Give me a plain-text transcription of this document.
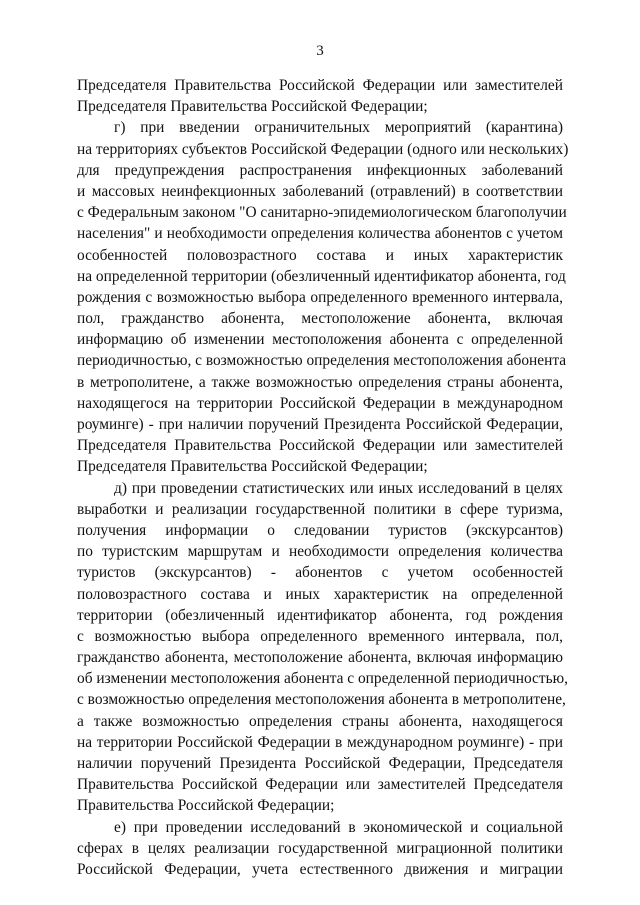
3
Председателя Правительства Российской Федерации или заместителей
Председателя Правительства Российской Федерации;
г) при введении ограничительных мероприятий (карантина)
на территориях субъектов Российской Федерации (одного или нескольких)
для предупреждения распространения инфекционных заболеваний
и массовых неинфекционных заболеваний (отравлений) в соответствии
с Федеральным законом "О санитарно-эпидемиологическом благополучии
населения" и необходимости определения количества абонентов с учетом
особенностей половозрастного состава и иных характеристик
на определенной территории (обезличенный идентификатор абонента, год
рождения с возможностью выбора определенного временного интервала,
пол, гражданство абонента, местоположение абонента, включая
информацию об изменении местоположения абонента с определенной
периодичностью, с возможностью определения местоположения абонента
в метрополитене, а также возможностью определения страны абонента,
находящегося на территории Российской Федерации в международном
роуминге) - при наличии поручений Президента Российской Федерации,
Председателя Правительства Российской Федерации или заместителей
Председателя Правительства Российской Федерации;
д) при проведении статистических или иных исследований в целях
выработки и реализации государственной политики в сфере туризма,
получения информации о следовании туристов (экскурсантов)
по туристским маршрутам и необходимости определения количества
туристов (экскурсантов) - абонентов с учетом особенностей
половозрастного состава и иных характеристик на определенной
территории (обезличенный идентификатор абонента, год рождения
с возможностью выбора определенного временного интервала, пол,
гражданство абонента, местоположение абонента, включая информацию
об изменении местоположения абонента с определенной периодичностью,
с возможностью определения местоположения абонента в метрополитене,
а также возможностью определения страны абонента, находящегося
на территории Российской Федерации в международном роуминге) - при
наличии поручений Президента Российской Федерации, Председателя
Правительства Российской Федерации или заместителей Председателя
Правительства Российской Федерации;
е) при проведении исследований в экономической и социальной
сферах в целях реализации государственной миграционной политики
Российской Федерации, учета естественного движения и миграции
